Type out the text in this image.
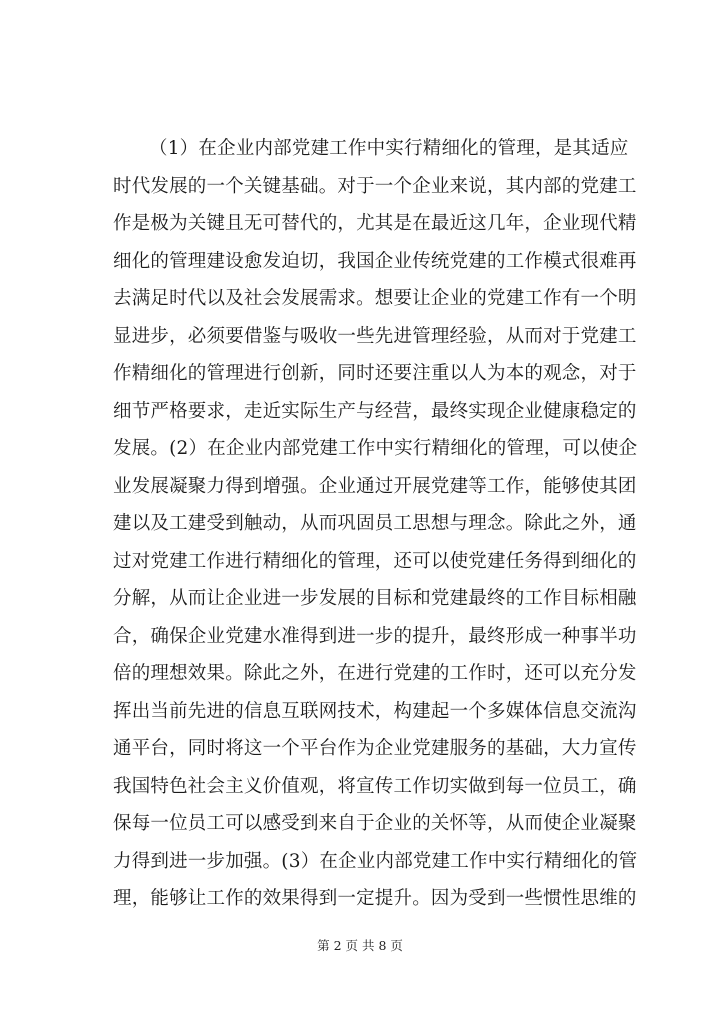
（1）在企业内部党建工作中实行精细化的管理，是其适应
时代发展的一个关键基础。对于一个企业来说，其内部的党建工
作是极为关键且无可替代的，尤其是在最近这几年，企业现代精
细化的管理建设愈发迫切，我国企业传统党建的工作模式很难再
去满足时代以及社会发展需求。想要让企业的党建工作有一个明
显进步，必须要借鉴与吸收一些先进管理经验，从而对于党建工
作精细化的管理进行创新，同时还要注重以人为本的观念，对于
细节严格要求，走近实际生产与经营，最终实现企业健康稳定的
发展。(2）在企业内部党建工作中实行精细化的管理，可以使企
业发展凝聚力得到增强。企业通过开展党建等工作，能够使其团
建以及工建受到触动，从而巩固员工思想与理念。除此之外，通
过对党建工作进行精细化的管理，还可以使党建任务得到细化的
分解，从而让企业进一步发展的目标和党建最终的工作目标相融
合，确保企业党建水准得到进一步的提升，最终形成一种事半功
倍的理想效果。除此之外，在进行党建的工作时，还可以充分发
挥出当前先进的信息互联网技术，构建起一个多媒体信息交流沟
通平台，同时将这一个平台作为企业党建服务的基础，大力宣传
我国特色社会主义价值观，将宣传工作切实做到每一位员工，确
保每一位员工可以感受到来自于企业的关怀等，从而使企业凝聚
力得到进一步加强。(3）在企业内部党建工作中实行精细化的管
理，能够让工作的效果得到一定提升。因为受到一些惯性思维的
第 2 页 共 8 页
